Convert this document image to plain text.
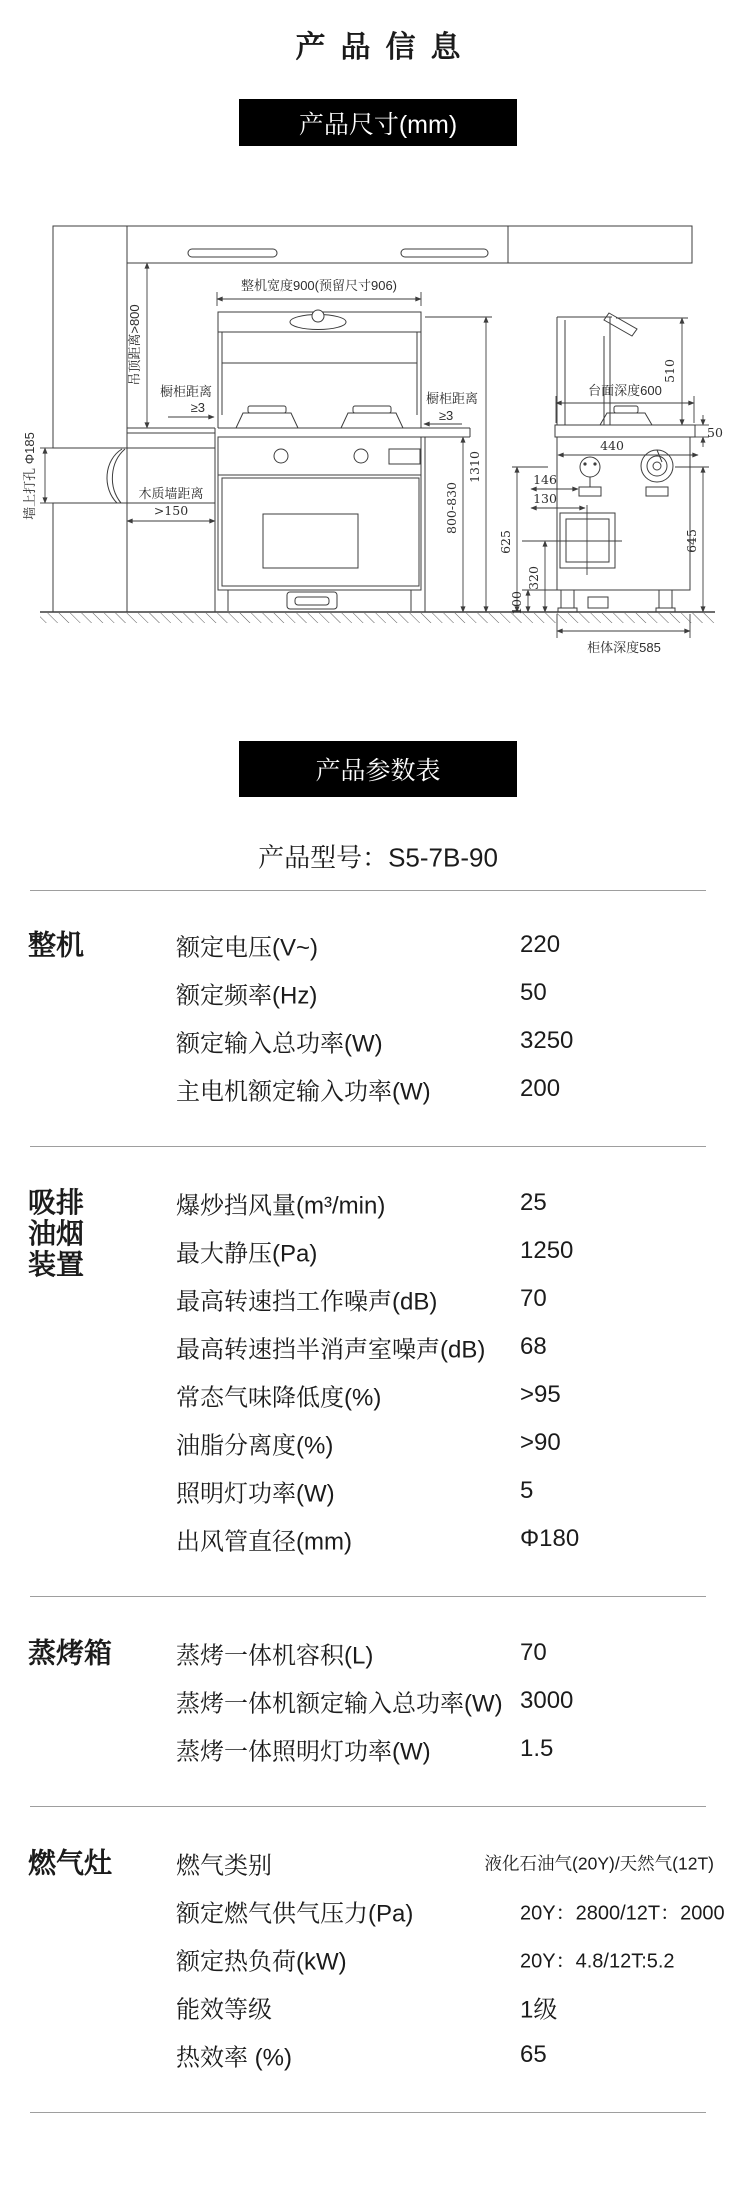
产品信息
产品尺寸(mm)
吊顶距离>800
整机宽度900(预留尺寸906)
橱柜距离
≥3
橱柜距离
≥3
墙上打孔 Φ185	木质墙距离
>150
1310
800-830
台面深度600
510
50
440
146
130
625
320
100
645
柜体深度585
产品参数表
产品型号：S5-7B-90
整机	额定电压(V~)	220
额定频率(Hz)	50
额定输入总功率(W)	3250
主电机额定输入功率(W)	200
吸排
油烟
装置
爆炒挡风量(m³/min)	25
最大静压(Pa)	1250
最高转速挡工作噪声(dB)	70
最高转速挡半消声室噪声(dB) 68
常态气味降低度(%)	>95
油脂分离度(%)	>90
照明灯功率(W)	5
出风管直径(mm)	Φ180
蒸烤箱	蒸烤一体机容积(L)	70
蒸烤一体机额定输入总功率(W) 3000
蒸烤一体照明灯功率(W)	1.5
燃气灶	燃气类别	液化石油气(20Y)/天然气(12T)
额定燃气供气压力(Pa)	20Y：2800/12T：2000
额定热负荷(kW)	20Y：4.8/12T:5.2
能效等级	1级
热效率 (%)	65
